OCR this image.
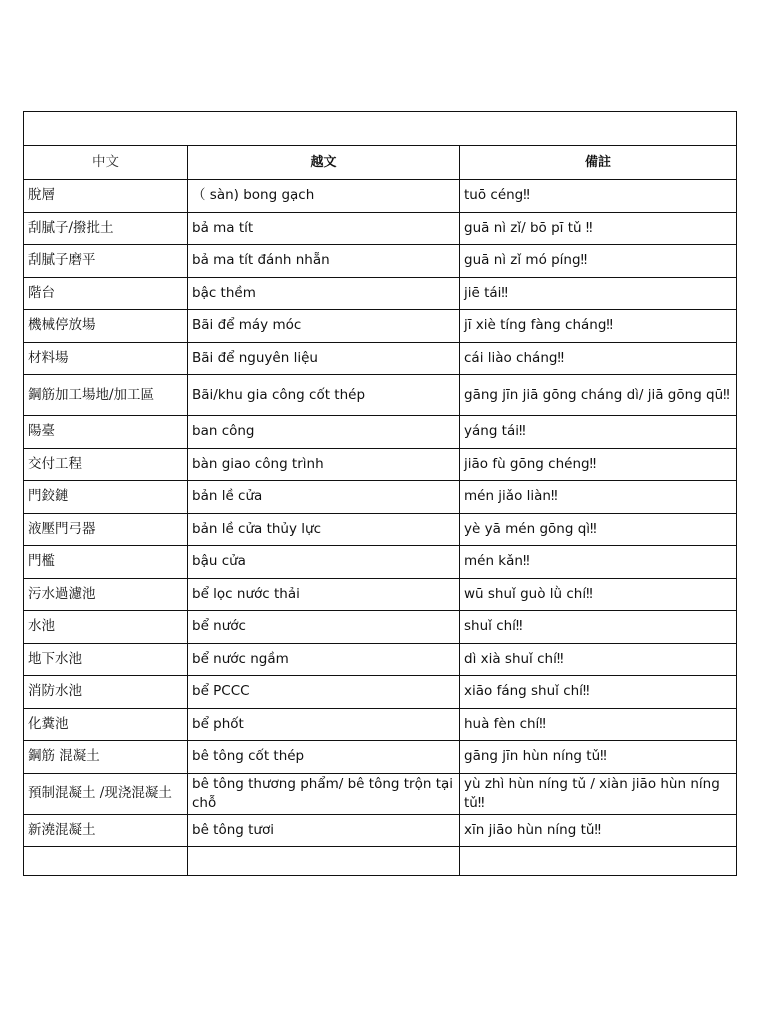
中文	越文	備註
脫層	（ sàn) bong gạch	tuō céng‼
刮膩子/撥批土	bả ma tít	guā nì zǐ/ bō pī tǔ ‼
刮膩子磨平	bả ma tít đánh nhẵn	guā nì zǐ mó píng‼
階台	bậc thềm	jiē tái‼
機械停放場	Bãi để máy móc	jī xiè tíng fàng cháng‼
材料場	Bãi để nguyên liệu	cái liào cháng‼
鋼筋加工場地/加工區	Bãi/khu gia công cốt thép	gāng jīn jiā gōng cháng dì/ jiā gōng qū‼
陽臺	ban công	yáng tái‼
交付工程	bàn giao công trình	jiāo fù gōng chéng‼
門鉸鏈	bản lề cửa	mén jiǎo liàn‼
液壓門弓器	bản lề cửa thủy lực	yè yā mén gōng qì‼
門檻	bậu cửa	mén kǎn‼
污水過濾池	bể lọc nước thải	wū shuǐ guò lǜ chí‼
水池	bể nước	shuǐ chí‼
地下水池	bể nước ngầm	dì xià shuǐ chí‼
消防水池	bể PCCC	xiāo fáng shuǐ chí‼
化糞池	bể phốt	huà fèn chí‼
鋼筋 混凝土	bê tông cốt thép	gāng jīn hùn níng tǔ‼
預制混凝土 /现浇混凝土	bê tông thương phẩm/ bê tông trộn tại chỗ	yù zhì hùn níng tǔ / xiàn jiāo hùn níng tǔ‼
新澆混凝土	bê tông tươi	xīn jiāo hùn níng tǔ‼
